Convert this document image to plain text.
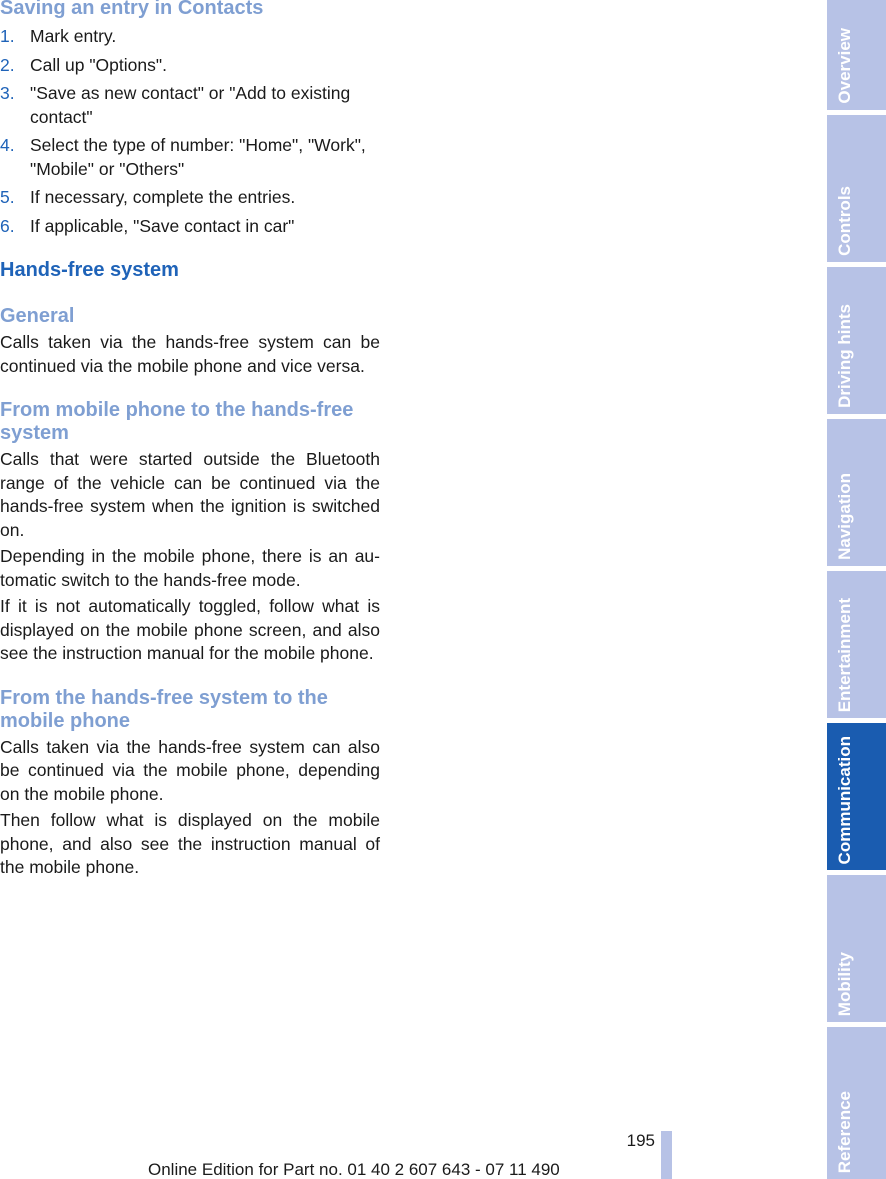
Saving an entry in Contacts
1. Mark entry.
2. Call up "Options".
3. "Save as new contact" or "Add to existing contact"
4. Select the type of number: "Home", "Work", "Mobile" or "Others"
5. If necessary, complete the entries.
6. If applicable, "Save contact in car"
Hands-free system
General

Calls taken via the hands-free system can be continued via the mobile phone and vice versa.

From mobile phone to the hands-free system

Calls that were started outside the Bluetooth range of the vehicle can be continued via the hands-free system when the ignition is switched on.

Depending in the mobile phone, there is an au-tomatic switch to the hands-free mode.

If it is not automatically toggled, follow what is displayed on the mobile phone screen, and also see the instruction manual for the mobile phone.

From the hands-free system to the mobile phone

Calls taken via the hands-free system can also be continued via the mobile phone, depending on the mobile phone.

Then follow what is displayed on the mobile phone, and also see the instruction manual of the mobile phone.

Overview
Controls
Driving hints
Navigation
Entertainment
Communication
Mobility
Reference
195
Online Edition for Part no. 01 40 2 607 643 - 07 11 490
